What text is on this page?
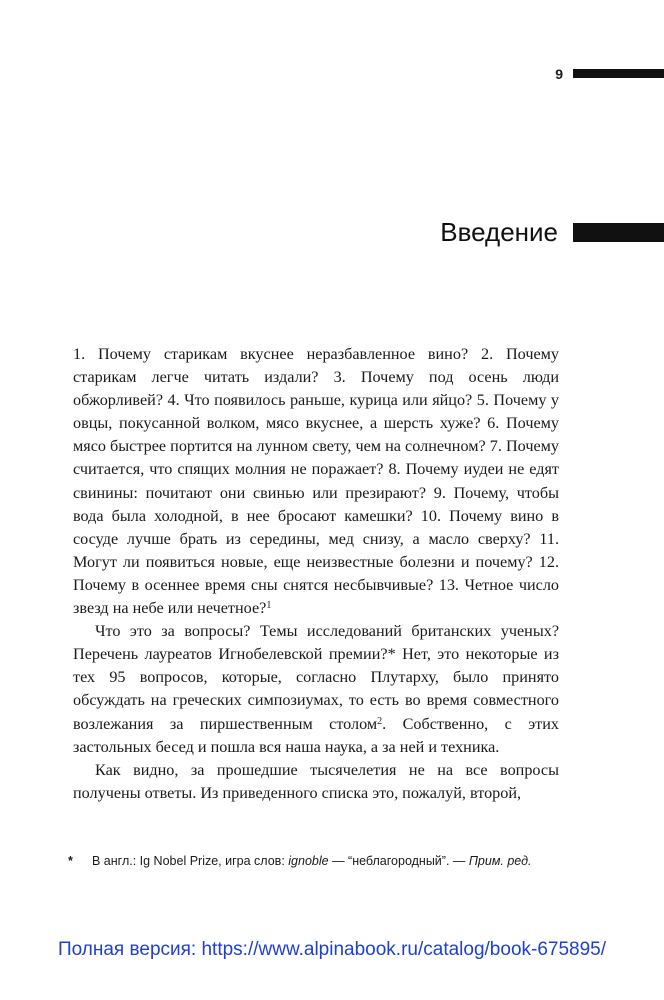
9
Введение

1. Почему старикам вкуснее неразбавленное вино? 2. Почему старикам легче читать издали? 3. Почему под осень люди обжорливей? 4. Что появилось раньше, курица или яйцо? 5. Почему у овцы, покусанной волком, мясо вкуснее, а шерсть хуже? 6. Почему мясо быстрее портится на лунном свету, чем на солнечном? 7. Почему считается, что спящих молния не поражает? 8. Почему иудеи не едят свинины: почитают они свинью или презирают? 9. Почему, чтобы вода была холодной, в нее бросают камешки? 10. Почему вино в сосуде лучше брать из середины, мед снизу, а масло сверху? 11. Могут ли появиться новые, еще неизвестные болезни и почему? 12. Почему в осеннее время сны снятся несбывчивые? 13. Четное число звезд на небе или нечетное?$^1$

Что это за вопросы? Темы исследований британских ученых? Перечень лауреатов Игнобелевской премии?* Нет, это некоторые из тех 95 вопросов, которые, согласно Плутарху, было принято обсуждать на греческих симпозиумах, то есть во время совместного возлежания за пиршественным столом$^2$. Собственно, с этих застольных бесед и пошла вся наша наука, а за ней и техника.

Как видно, за прошедшие тысячелетия не на все вопросы получены ответы. Из приведенного списка это, пожалуй, второй,

* В англ.: Ig Nobel Prize, игра слов: ignoble — “неблагородный”. — Прим. ред.
Полная версия: https://www.alpinabook.ru/catalog/book-675895/
